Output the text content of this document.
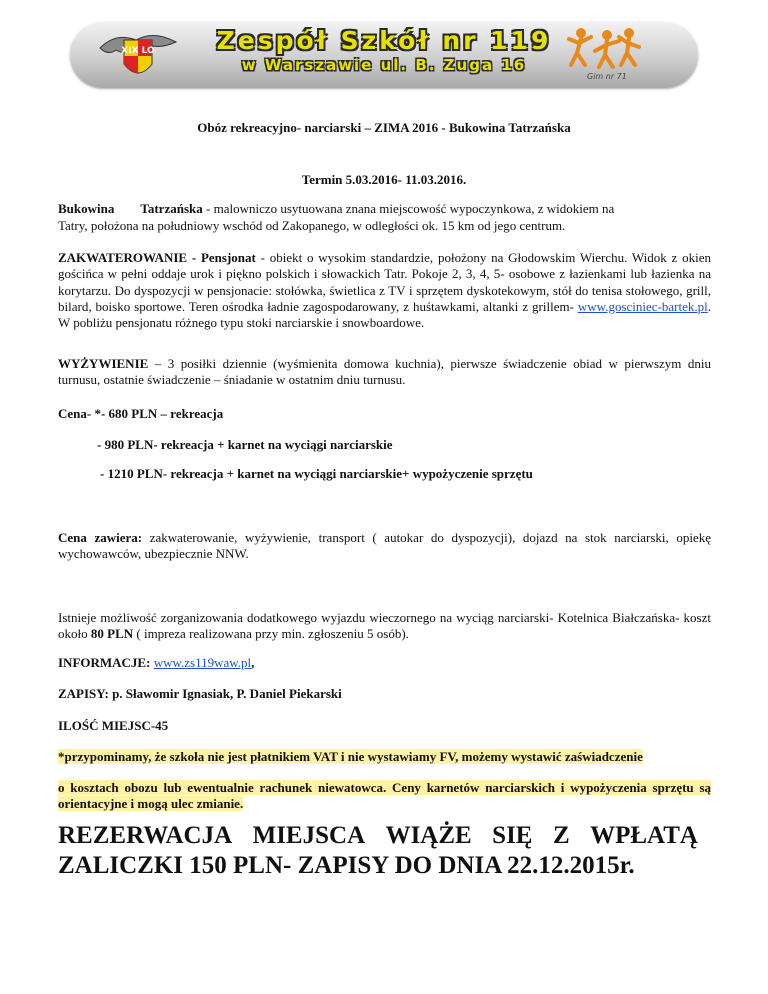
XIX LO	Zespół Szkół nr 119
w Warszawie ul. B. Zuga 16
Gim nr 71
Obóz rekreacyjno- narciarski – ZIMA 2016 - Bukowina Tatrzańska
Termin 5.03.2016- 11.03.2016.
Bukowina Tatrzańska - malowniczo usytuowana znana miejscowość wypoczynkowa, z widokiem na
Tatry, położona na południowy wschód od Zakopanego, w odległości ok. 15 km od jego centrum.
ZAKWATEROWANIE - Pensjonat - obiekt o wysokim standardzie, położony na Głodowskim Wierchu. Widok z okien gościńca w pełni oddaje urok i piękno polskich i słowackich Tatr. Pokoje 2, 3, 4, 5- osobowe z łazienkami lub łazienka na korytarzu. Do dyspozycji w pensjonacie: stołówka, świetlica z TV i sprzętem dyskotekowym, stół do tenisa stołowego, grill, bilard, boisko sportowe. Teren ośrodka ładnie zagospodarowany, z huśtawkami, altanki z grillem- www.gosciniec-bartek.pl. W pobliżu pensjonatu różnego typu stoki narciarskie i snowboardowe.
WYŻYWIENIE – 3 posiłki dziennie (wyśmienita domowa kuchnia), pierwsze świadczenie obiad w pierwszym dniu turnusu, ostatnie świadczenie – śniadanie w ostatnim dniu turnusu.
Cena- *- 680 PLN – rekreacja
- 980 PLN- rekreacja + karnet na wyciągi narciarskie
- 1210 PLN- rekreacja + karnet na wyciągi narciarskie+ wypożyczenie sprzętu
Cena zawiera: zakwaterowanie, wyżywienie, transport ( autokar do dyspozycji), dojazd na stok narciarski, opiekę wychowawców, ubezpiecznie NNW.
Istnieje możliwość zorganizowania dodatkowego wyjazdu wieczornego na wyciąg narciarski- Kotelnica Białczańska- koszt około 80 PLN ( impreza realizowana przy min. zgłoszeniu 5 osób).
INFORMACJE: www.zs119waw.pl,
ZAPISY: p. Sławomir Ignasiak, P. Daniel Piekarski
ILOŚĆ MIEJSC-45
*przypominamy, że szkoła nie jest płatnikiem VAT i nie wystawiamy FV, możemy wystawić zaświadczenie
o kosztach obozu lub ewentualnie rachunek niewatowca. Ceny karnetów narciarskich i wypożyczenia sprzętu są orientacyjne i mogą ulec zmianie.
REZERWACJA MIEJSCA WIĄŻE SIĘ Z WPŁATĄ
ZALICZKI 150 PLN- ZAPISY DO DNIA 22.12.2015r.
